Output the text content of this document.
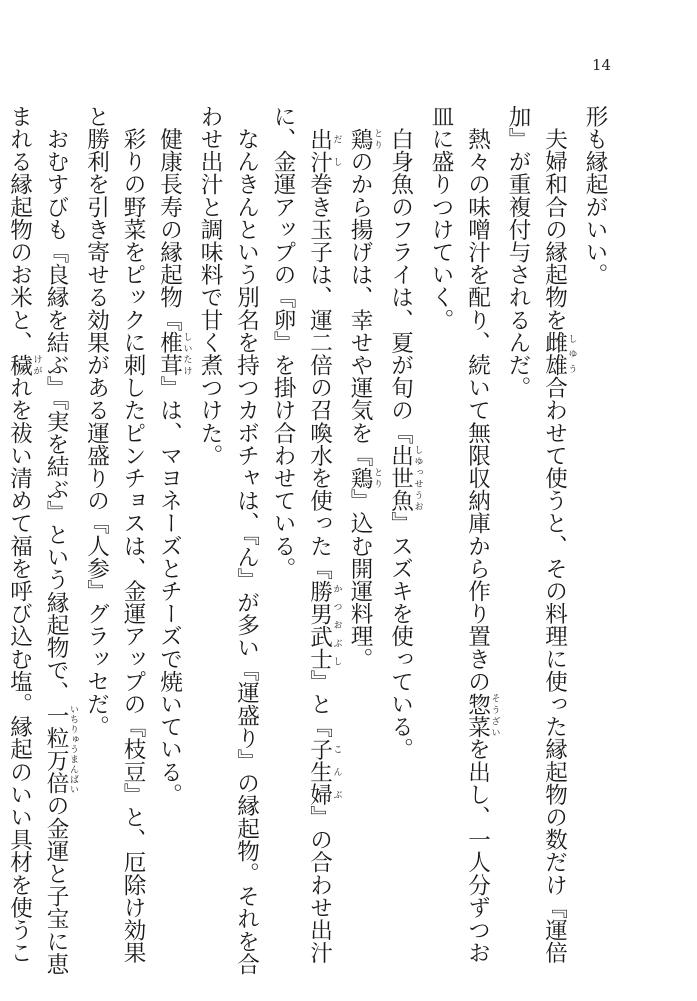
14

形も縁起がいい。

　夫婦和合の縁起物を雌雄 しゆう合わせて使うと、その料理に使った縁起物の数だけ『運倍加』が重複付与されるんだ。

　熱々の味噌汁を配り、続いて無限収納庫から作り置きの惣菜 そうざいを出し、一人分ずつお皿に盛りつけていく。

　白身魚のフライは、夏が旬の『出世魚 しゆっせうお』スズキを使っている。

　鶏 とりのから揚げは、幸せや運気を『鶏 とり』込む開運料理。

　出汁 だし巻き玉子は、運二倍の召喚水を使った『勝男武士 かつおぶし』と『子生婦 こんぶ』の合わせ出汁に、金運アップの『卵』を掛け合わせている。

　なんきんという別名を持つカボチャは、『ん』が多い『運盛り』の縁起物。それを合わせ出汁と調味料で甘く煮つけた。

　健康長寿の縁起物『椎茸 しいたけ』は、マヨネーズとチーズで焼いている。

　彩りの野菜をピックに刺したピンチョスは、金運アップの『枝豆』と、厄除け効果と勝利を引き寄せる効果がある運盛りの『人参』グラッセだ。

　おむすびも『良縁を結ぶ』『実を結ぶ』という縁起物で、一粒万倍 いちりゅうまんばいの金運と子宝に恵まれる縁起物のお米と、穢 けがれを祓い清めて福を呼び込む塩。縁起のいい具材を使うこ
